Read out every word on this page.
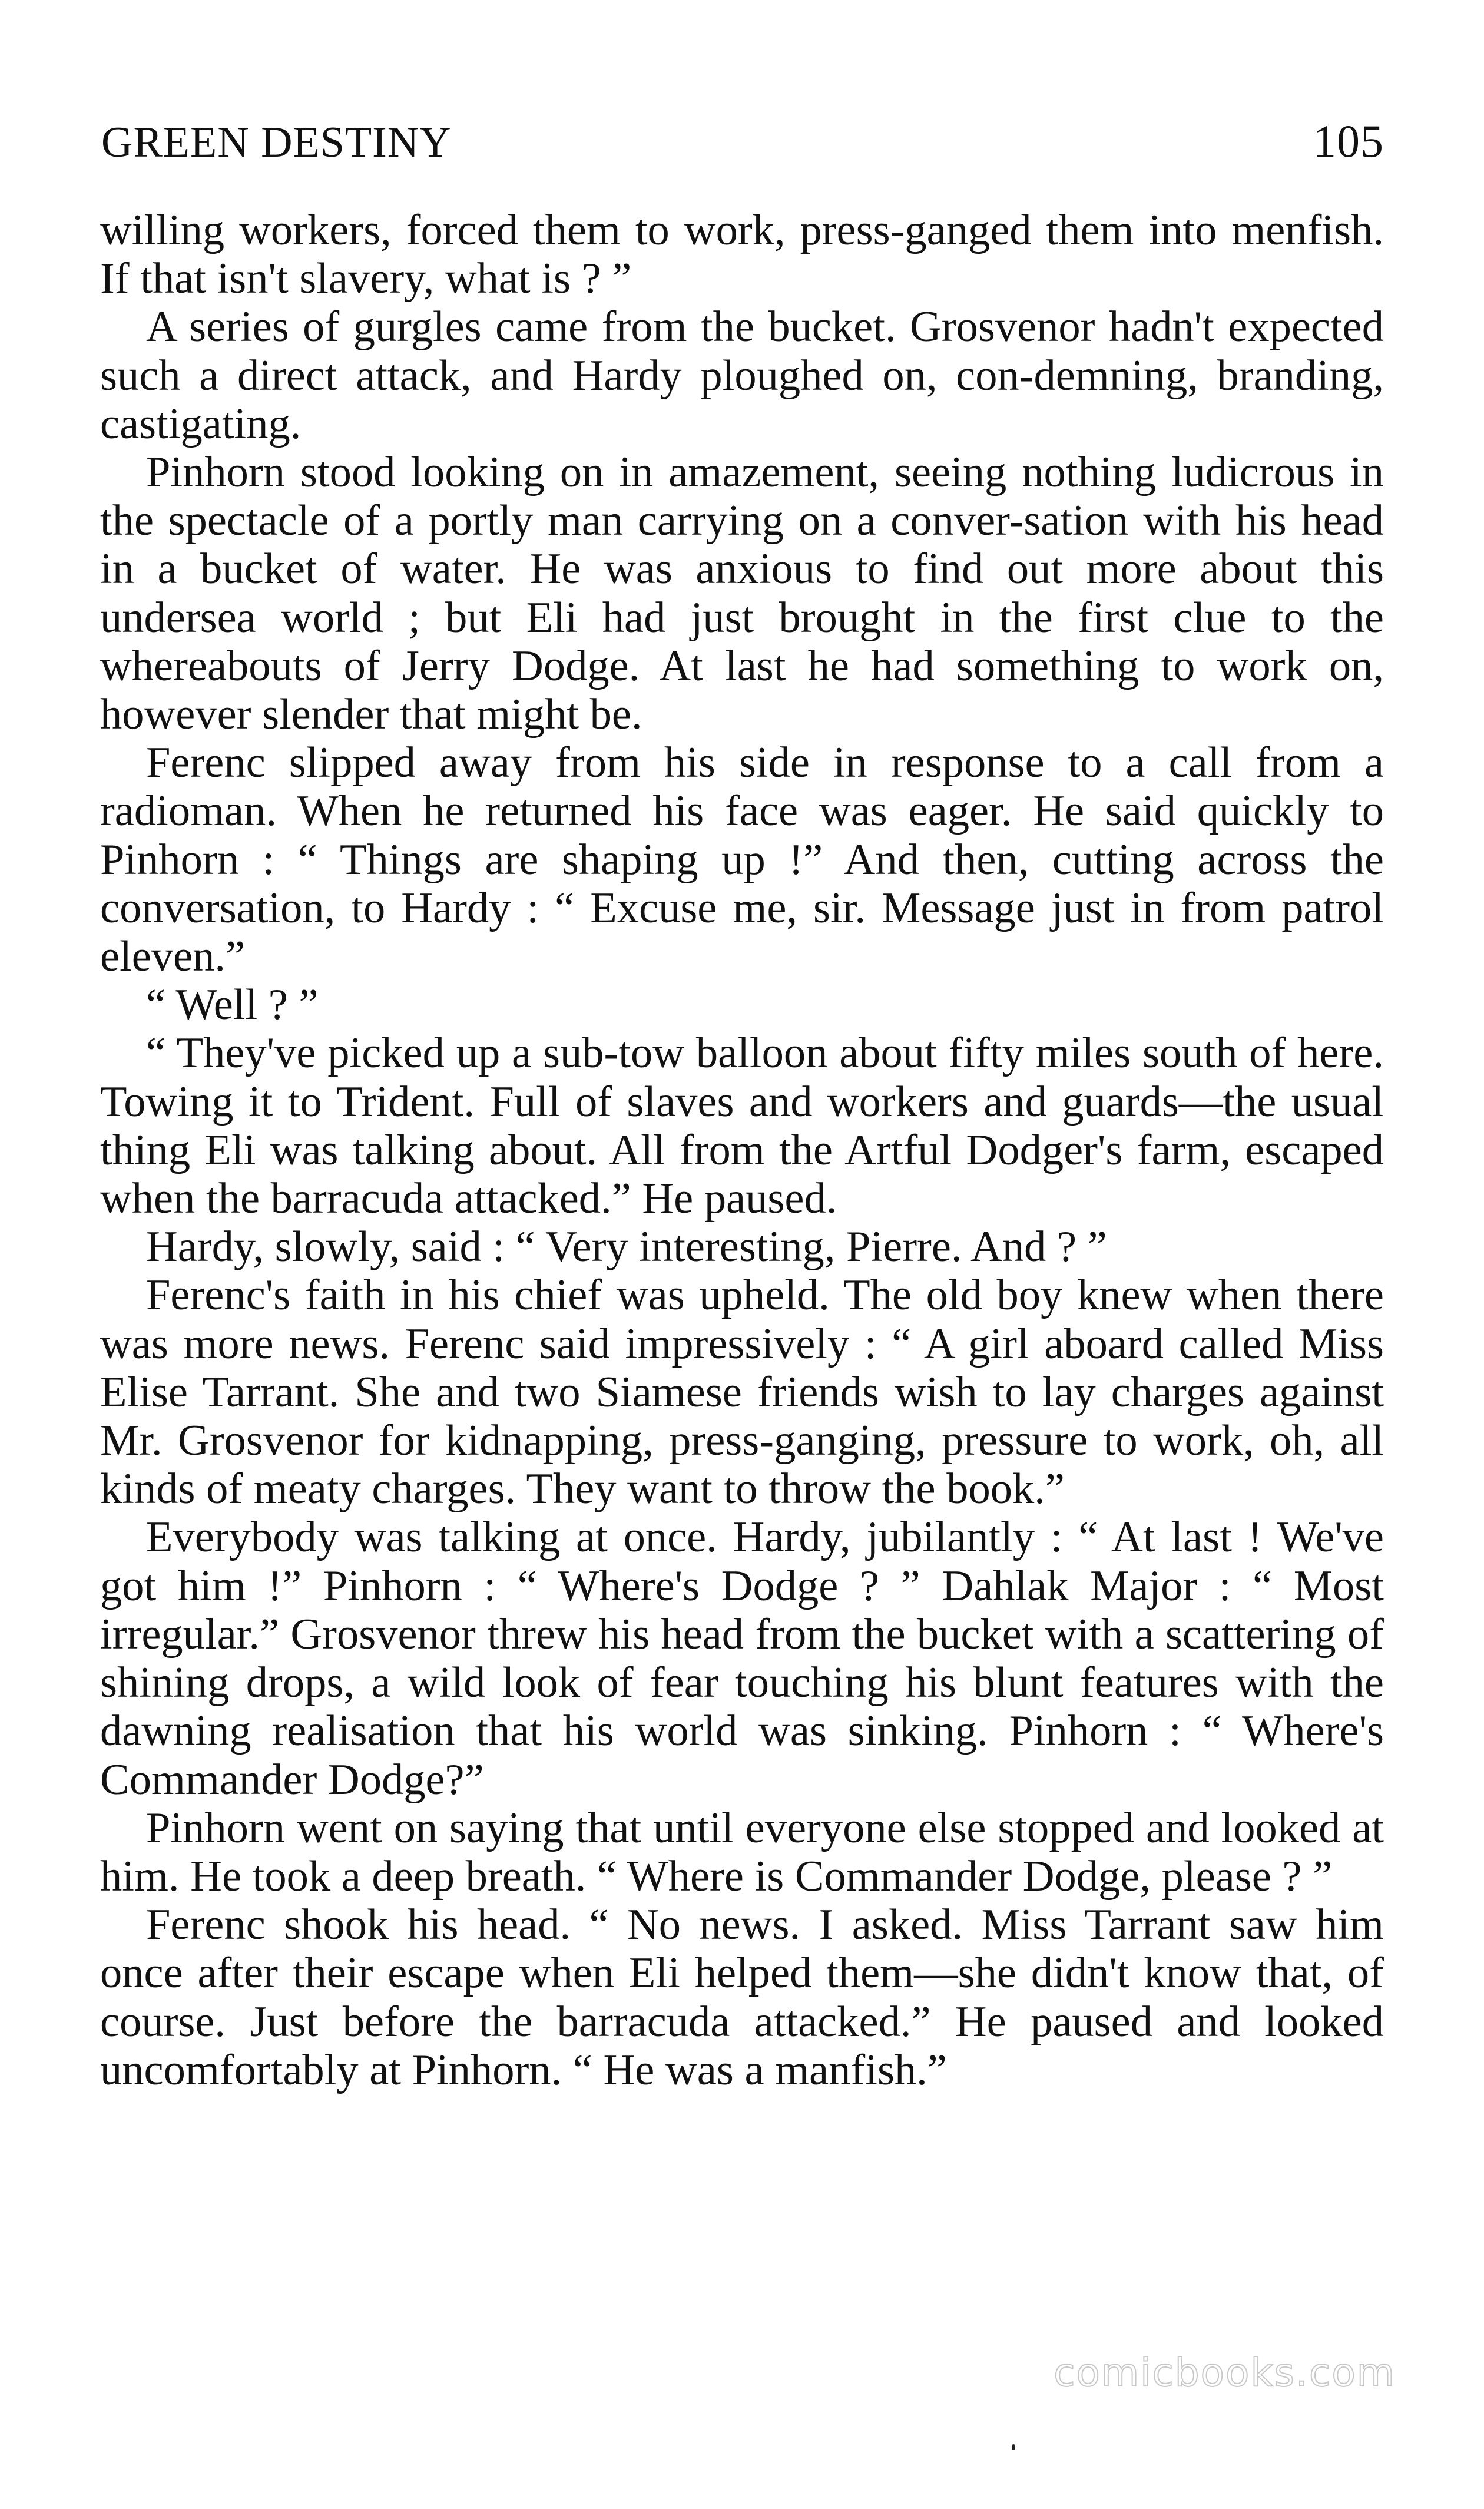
GREEN DESTINY	105

willing workers, forced them to work, press-ganged them into menfish. If that isn't slavery, what is ? ”

A series of gurgles came from the bucket. Grosvenor hadn't expected such a direct attack, and Hardy ploughed on, con-demning, branding, castigating.

Pinhorn stood looking on in amazement, seeing nothing ludicrous in the spectacle of a portly man carrying on a conver-sation with his head in a bucket of water. He was anxious to find out more about this undersea world ; but Eli had just brought in the first clue to the whereabouts of Jerry Dodge. At last he had something to work on, however slender that might be.

Ferenc slipped away from his side in response to a call from a radioman. When he returned his face was eager. He said quickly to Pinhorn : “ Things are shaping up !” And then, cutting across the conversation, to Hardy : “ Excuse me, sir. Message just in from patrol eleven.”

“ Well ? ”

“ They've picked up a sub-tow balloon about fifty miles south of here. Towing it to Trident. Full of slaves and workers and guards—the usual thing Eli was talking about. All from the Artful Dodger's farm, escaped when the barracuda attacked.” He paused.

Hardy, slowly, said : “ Very interesting, Pierre. And ? ”

Ferenc's faith in his chief was upheld. The old boy knew when there was more news. Ferenc said impressively : “ A girl aboard called Miss Elise Tarrant. She and two Siamese friends wish to lay charges against Mr. Grosvenor for kidnapping, press-ganging, pressure to work, oh, all kinds of meaty charges. They want to throw the book.”

Everybody was talking at once. Hardy, jubilantly : “ At last ! We've got him !” Pinhorn : “ Where's Dodge ? ” Dahlak Major : “ Most irregular.” Grosvenor threw his head from the bucket with a scattering of shining drops, a wild look of fear touching his blunt features with the dawning realisation that his world was sinking. Pinhorn : “ Where's Commander Dodge?”

Pinhorn went on saying that until everyone else stopped and looked at him. He took a deep breath. “ Where is Commander Dodge, please ? ”

Ferenc shook his head. “ No news. I asked. Miss Tarrant saw him once after their escape when Eli helped them—she didn't know that, of course. Just before the barracuda attacked.” He paused and looked uncomfortably at Pinhorn. “ He was a manfish.”

comicbooks.com
